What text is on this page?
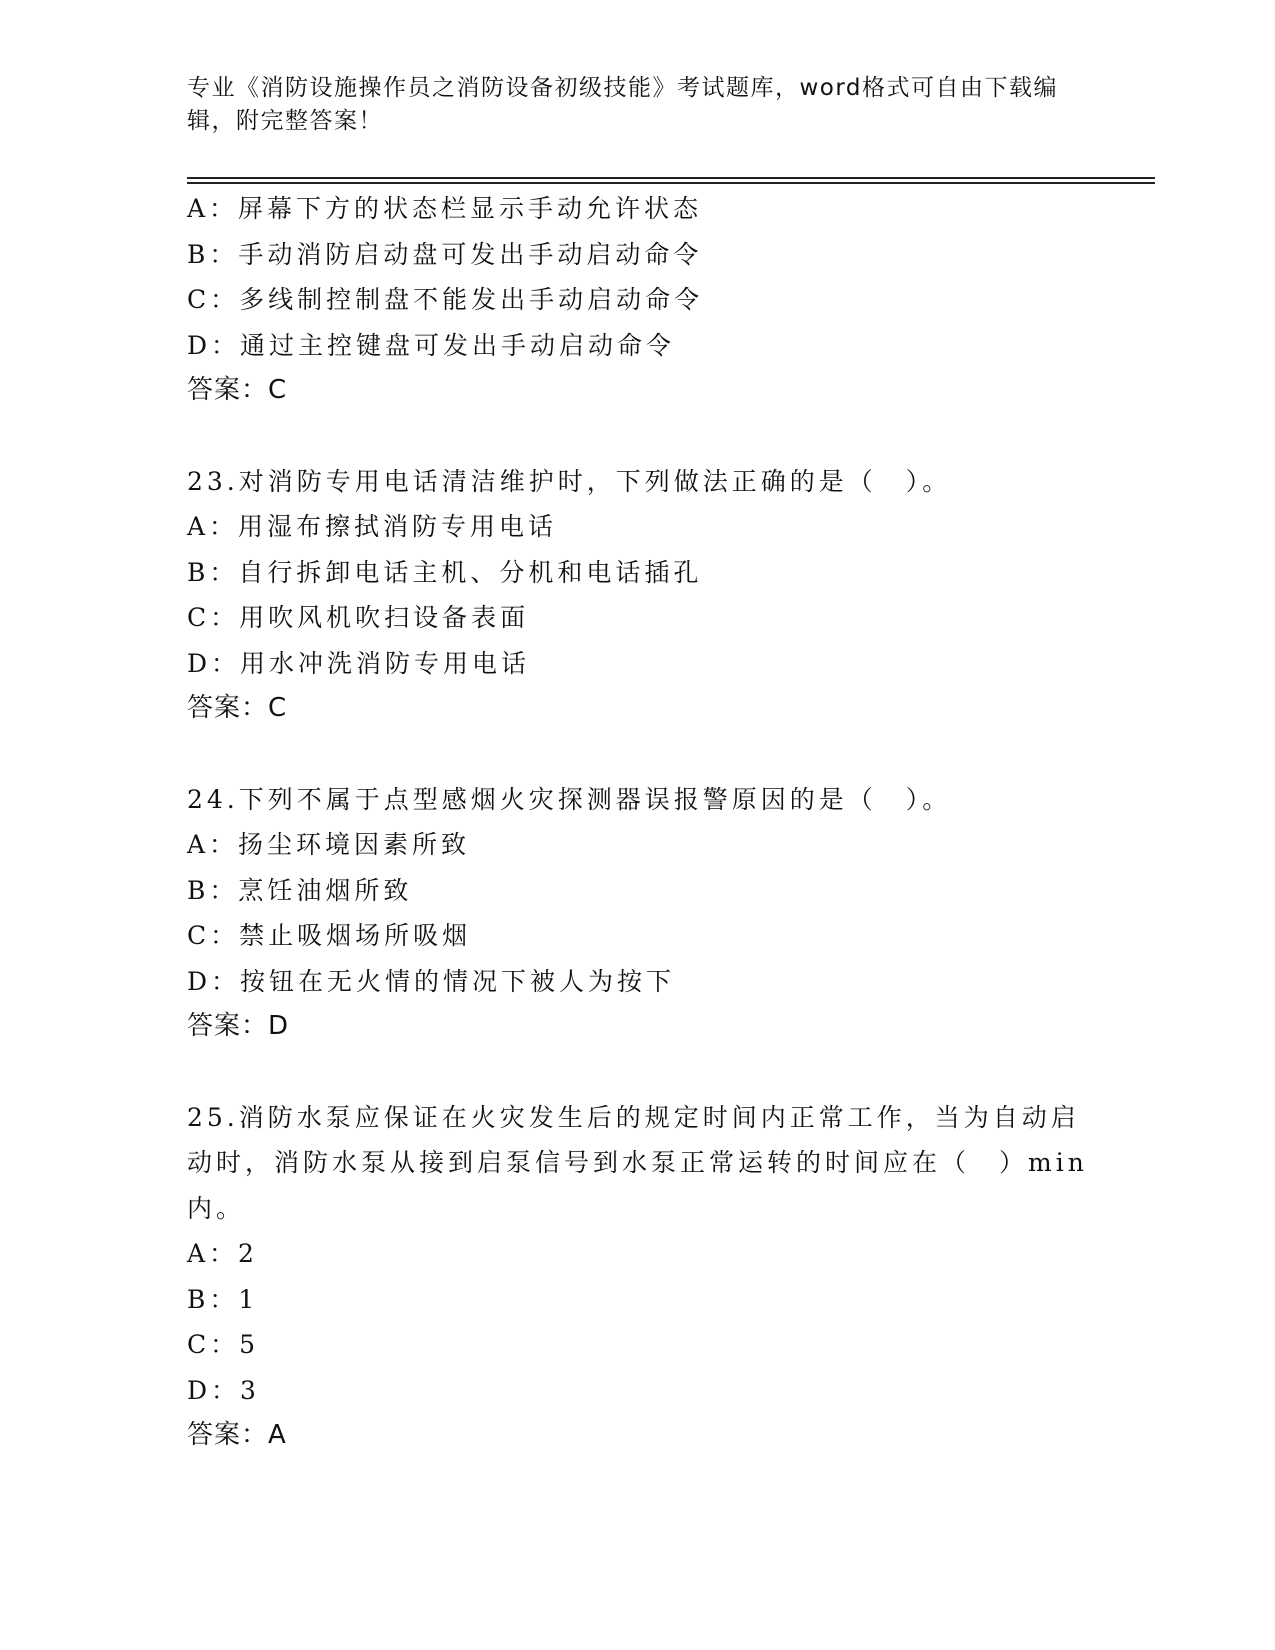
专业《消防设施操作员之消防设备初级技能》考试题库，word格式可自由下载编
辑，附完整答案！
A：屏幕下方的状态栏显示手动允许状态
B：手动消防启动盘可发出手动启动命令
C：多线制控制盘不能发出手动启动命令
D：通过主控键盘可发出手动启动命令
答案：C
23.对消防专用电话清洁维护时，下列做法正确的是（　）。
A：用湿布擦拭消防专用电话
B：自行拆卸电话主机、分机和电话插孔
C：用吹风机吹扫设备表面
D：用水冲洗消防专用电话
答案：C
24.下列不属于点型感烟火灾探测器误报警原因的是（　）。
A：扬尘环境因素所致
B：烹饪油烟所致
C：禁止吸烟场所吸烟
D：按钮在无火情的情况下被人为按下
答案：D
25.消防水泵应保证在火灾发生后的规定时间内正常工作，当为自动启
动时，消防水泵从接到启泵信号到水泵正常运转的时间应在（　）min
内。
A：2
B：1
C：5
D：3
答案：A
